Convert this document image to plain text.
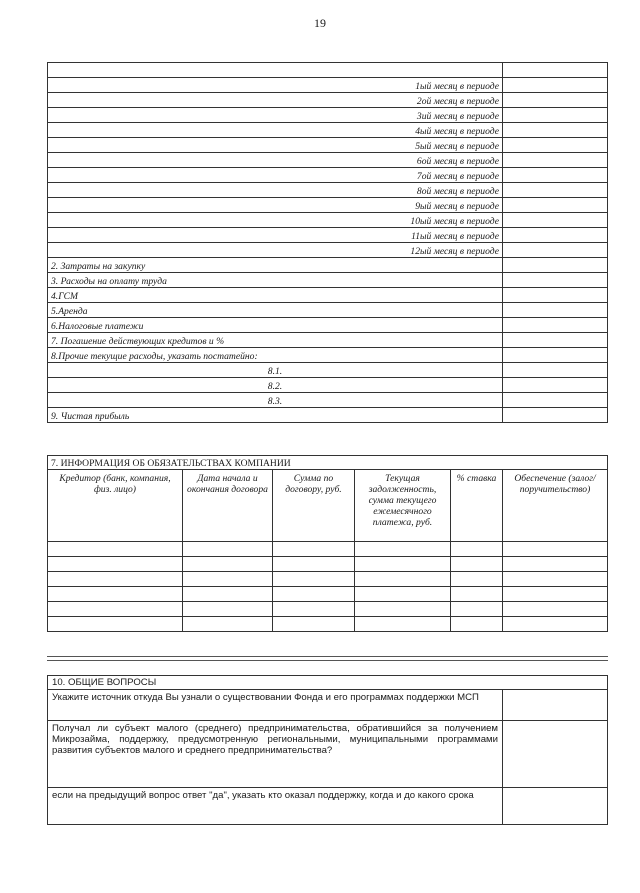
19

1ый месяц в периоде	
2ой месяц в периоде	
3ий месяц в периоде	
4ый месяц в периоде	
5ый месяц в периоде	
6ой месяц в периоде	
7ой месяц в периоде	
8ой месяц в периоде	
9ый месяц в периоде	
10ый месяц в периоде	
11ый месяц в периоде	
12ый месяц в периоде	
2. Затраты на закупку	
3. Расходы на оплату труда	
4.ГСМ	
5.Аренда	
6.Налоговые платежи	
7. Погашение действующих кредитов и %	
8.Прочие текущие расходы, указать постатейно:	
8.1.	
8.2.	
8.3.	
9. Чистая прибыль	
7. ИНФОРМАЦИЯ ОБ ОБЯЗАТЕЛЬСТВАХ КОМПАНИИ					
Кредитор (банк, компания, физ. лицо)	Дата начала и окончания договора	Сумма по договору, руб.	Текущая задолженность, сумма текущего ежемесячного платежа, руб.	% ставка	Обеспечение (залог/ поручительство)

10. ОБЩИЕ ВОПРОСЫ	
Укажите источник откуда Вы узнали о существовании Фонда и его программах поддержки МСП	
Получал ли субъект малого (среднего) предпринимательства, обратившийся за получением Микрозайма, поддержку, предусмотренную региональными, муниципальными программами развития субъектов малого и среднего предпринимательства?	
если на предыдущий вопрос ответ "да", указать кто оказал поддержку, когда и до какого срока	
